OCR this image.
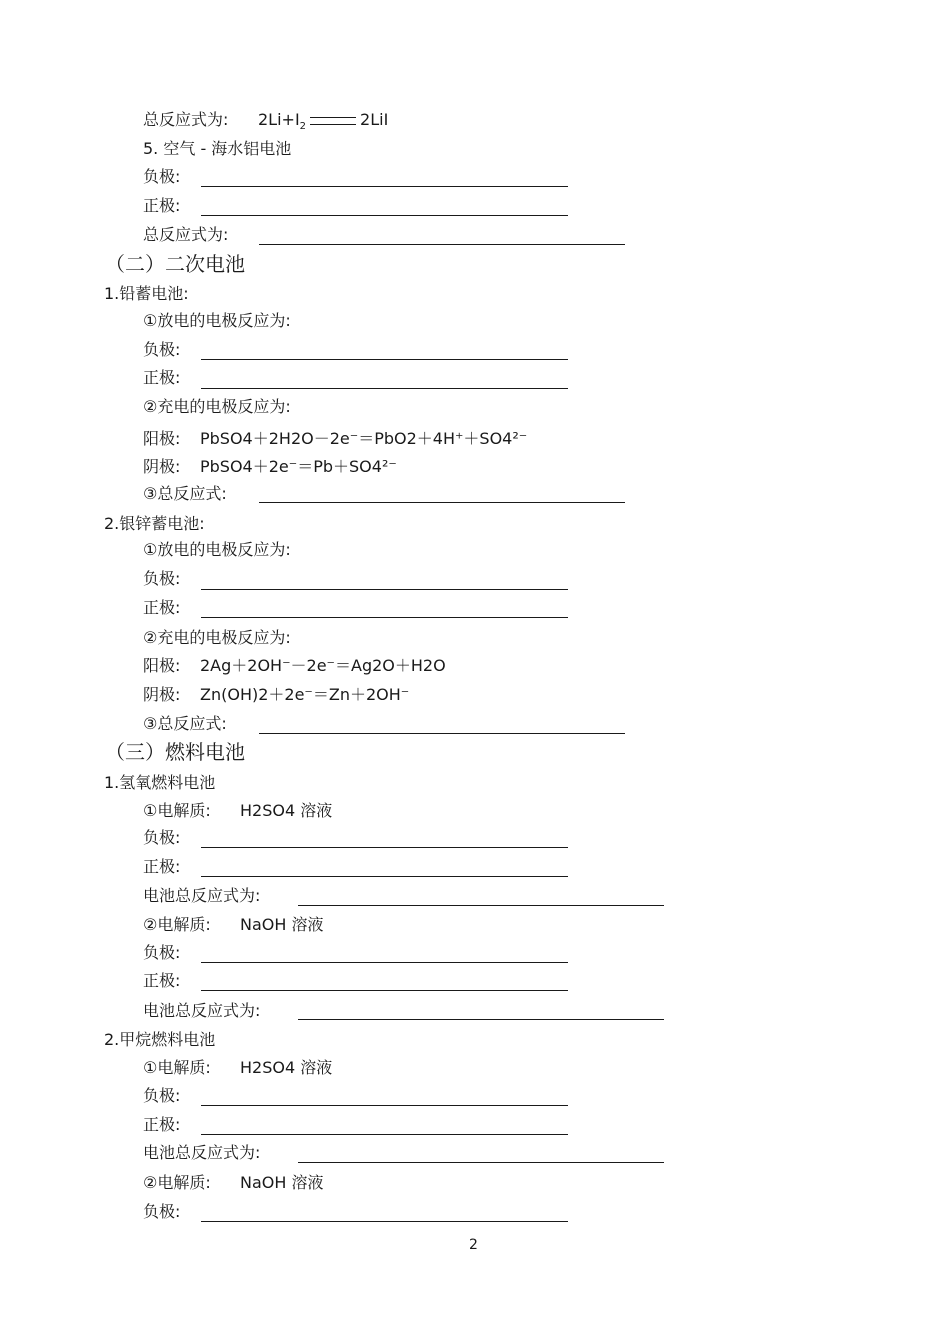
总反应式为: $2Li+I_2$	2LiI
5. 空气 - 海水铝电池
负极:
正极:
总反应式为:
（二）二次电池
1.铅蓄电池:
①放电的电极反应为:
负极:
正极:
②充电的电极反应为:
阳极: PbSO4＋2H2O－2e⁻＝PbO2＋4H⁺＋SO4²⁻
阴极: PbSO4＋2e⁻＝Pb＋SO4²⁻
③总反应式:
2.银锌蓄电池:
①放电的电极反应为:
负极:
正极:
②充电的电极反应为:
阳极: 2Ag＋2OH⁻－2e⁻＝Ag2O＋H2O
阴极: Zn(OH)2＋2e⁻＝Zn＋2OH⁻
③总反应式:
（三）燃料电池
1.氢氧燃料电池
①电解质: H2SO4 溶液
负极:
正极:
电池总反应式为:
②电解质: NaOH 溶液
负极:
正极:
电池总反应式为:
2.甲烷燃料电池
①电解质: H2SO4 溶液
负极:
正极:
电池总反应式为:
②电解质: NaOH 溶液
负极:
2
